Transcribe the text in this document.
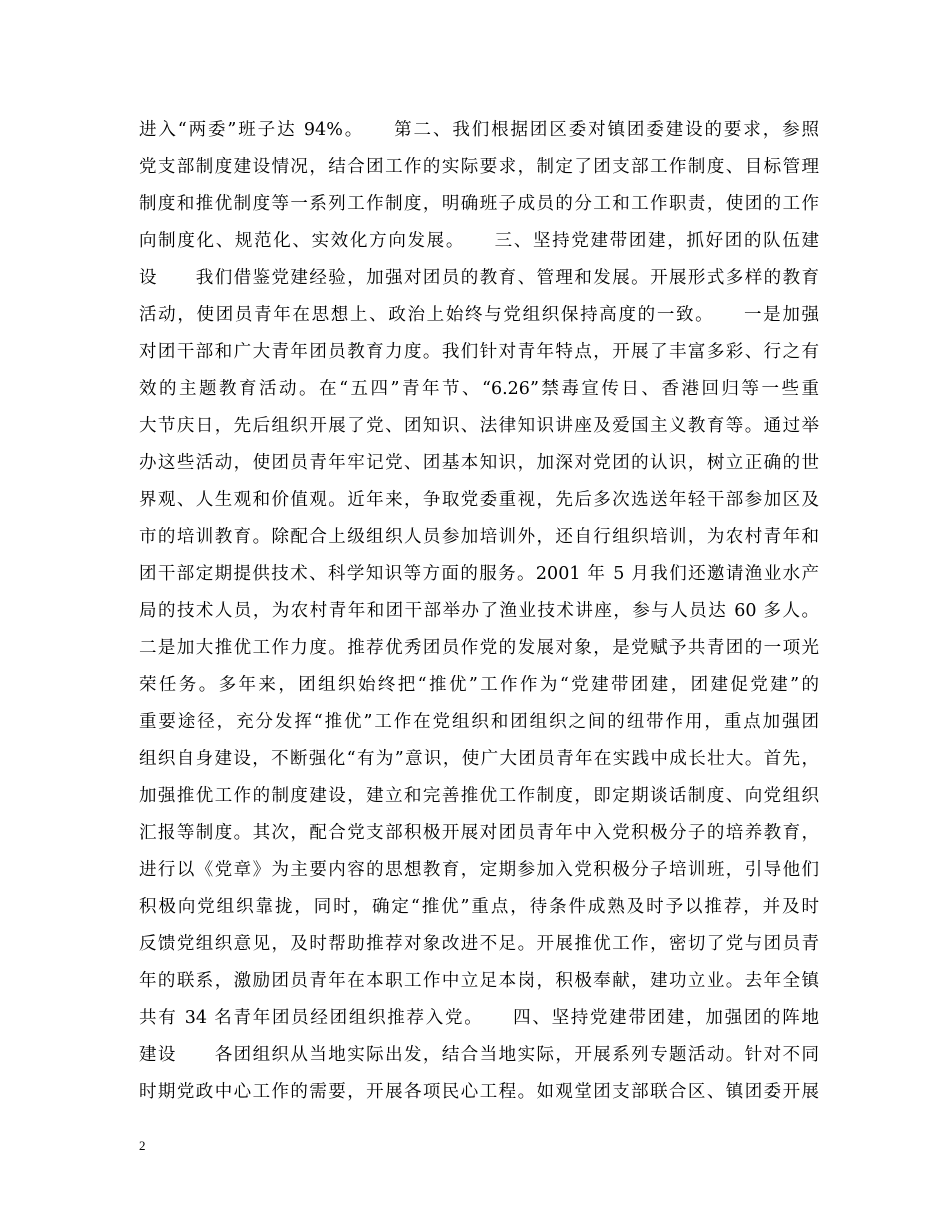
进入“两委”班子达 94%。　　第二、我们根据团区委对镇团委建设的要求，参照
党支部制度建设情况，结合团工作的实际要求，制定了团支部工作制度、目标管理
制度和推优制度等一系列工作制度，明确班子成员的分工和工作职责，使团的工作
向制度化、规范化、实效化方向发展。　　三、坚持党建带团建，抓好团的队伍建
设　　我们借鉴党建经验，加强对团员的教育、管理和发展。开展形式多样的教育
活动，使团员青年在思想上、政治上始终与党组织保持高度的一致。　　一是加强
对团干部和广大青年团员教育力度。我们针对青年特点，开展了丰富多彩、行之有
效的主题教育活动。在“五四”青年节、“6.26”禁毒宣传日、香港回归等一些重
大节庆日，先后组织开展了党、团知识、法律知识讲座及爱国主义教育等。通过举
办这些活动，使团员青年牢记党、团基本知识，加深对党团的认识，树立正确的世
界观、人生观和价值观。近年来，争取党委重视，先后多次选送年轻干部参加区及
市的培训教育。除配合上级组织人员参加培训外，还自行组织培训，为农村青年和
团干部定期提供技术、科学知识等方面的服务。2001 年 5 月我们还邀请渔业水产
局的技术人员，为农村青年和团干部举办了渔业技术讲座，参与人员达 60 多人。
二是加大推优工作力度。推荐优秀团员作党的发展对象，是党赋予共青团的一项光
荣任务。多年来，团组织始终把“推优”工作作为“党建带团建，团建促党建”的
重要途径，充分发挥“推优”工作在党组织和团组织之间的纽带作用，重点加强团
组织自身建设，不断强化“有为”意识，使广大团员青年在实践中成长壮大。首先，
加强推优工作的制度建设，建立和完善推优工作制度，即定期谈话制度、向党组织
汇报等制度。其次，配合党支部积极开展对团员青年中入党积极分子的培养教育，
进行以《党章》为主要内容的思想教育，定期参加入党积极分子培训班，引导他们
积极向党组织靠拢，同时，确定“推优”重点，待条件成熟及时予以推荐，并及时
反馈党组织意见，及时帮助推荐对象改进不足。开展推优工作，密切了党与团员青
年的联系，激励团员青年在本职工作中立足本岗，积极奉献，建功立业。去年全镇
共有 34 名青年团员经团组织推荐入党。　　四、坚持党建带团建，加强团的阵地
建设　　各团组织从当地实际出发，结合当地实际，开展系列专题活动。针对不同
时期党政中心工作的需要，开展各项民心工程。如观堂团支部联合区、镇团委开展
2
